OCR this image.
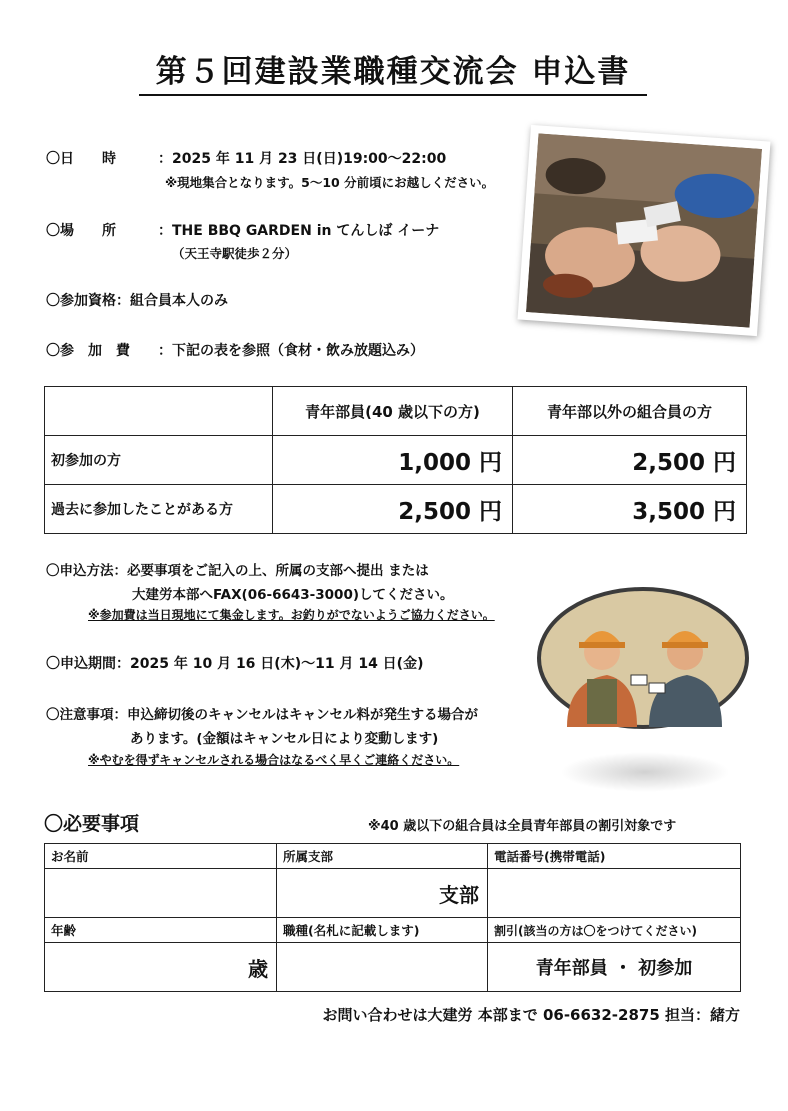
第５回建設業職種交流会 申込書
〇日　　時	：2025 年 11 月 23 日(日)19:00～22:00
※現地集合となります。5～10 分前頃にお越しください。
〇場　　所	：THE BBQ GARDEN in てんしば イーナ
（天王寺駅徒歩２分）
〇参加資格：組合員本人のみ
〇参　加　費 ：下記の表を参照（食材・飲み放題込み）
	青年部員(40 歳以下の方)	青年部以外の組合員の方
初参加の方	1,000 円	2,500 円
過去に参加したことがある方	2,500 円	3,500 円
〇申込方法：必要事項をご記入の上、所属の支部へ提出 または
大建労本部へFAX(06-6643-3000)してください。
※参加費は当日現地にて集金します。お釣りがでないようご協力ください。
〇申込期間：2025 年 10 月 16 日(木)～11 月 14 日(金)
〇注意事項：申込締切後のキャンセルはキャンセル料が発生する場合が
あります。(金額はキャンセル日により変動します)
※やむを得ずキャンセルされる場合はなるべく早くご連絡ください。
〇必要事項	※40 歳以下の組合員は全員青年部員の割引対象です
お名前	所属支部	電話番号(携帯電話)
	支部	
年齢	職種(名札に記載します)	割引(該当の方は〇をつけてください)
歳		青年部員 ・ 初参加
お問い合わせは大建労 本部まで 06-6632-2875 担当：緒方
